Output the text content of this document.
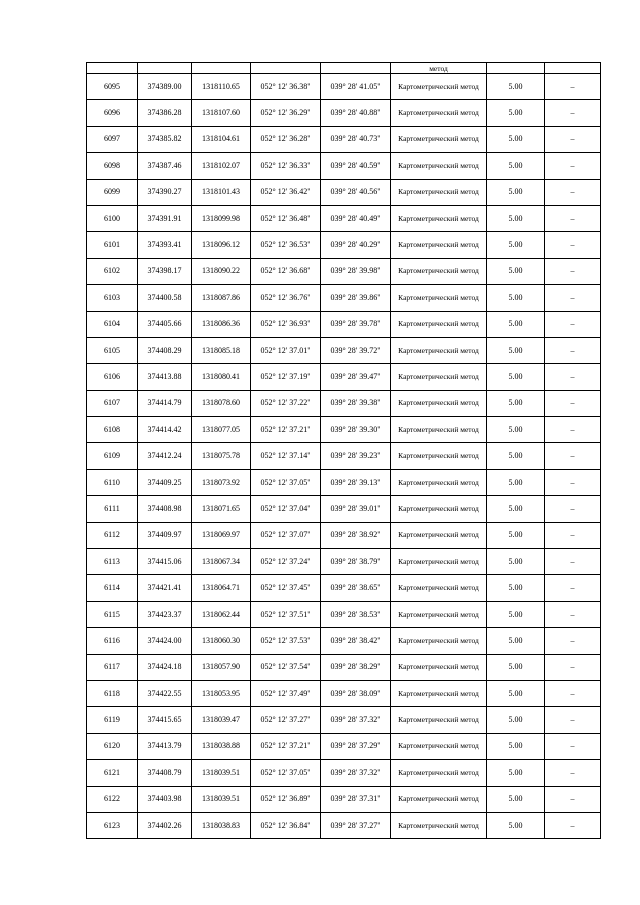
					метод		

6095	374389.00	1318110.65	052° 12' 36.38"	039° 28' 41.05"	Картометрический метод	5.00	–
6096	374386.28	1318107.60	052° 12' 36.29"	039° 28' 40.88"	Картометрический метод	5.00	–
6097	374385.82	1318104.61	052° 12' 36.28"	039° 28' 40.73"	Картометрический метод	5.00	–
6098	374387.46	1318102.07	052° 12' 36.33"	039° 28' 40.59"	Картометрический метод	5.00	–
6099	374390.27	1318101.43	052° 12' 36.42"	039° 28' 40.56"	Картометрический метод	5.00	–
6100	374391.91	1318099.98	052° 12' 36.48"	039° 28' 40.49"	Картометрический метод	5.00	–
6101	374393.41	1318096.12	052° 12' 36.53"	039° 28' 40.29"	Картометрический метод	5.00	–
6102	374398.17	1318090.22	052° 12' 36.68"	039° 28' 39.98"	Картометрический метод	5.00	–
6103	374400.58	1318087.86	052° 12' 36.76"	039° 28' 39.86"	Картометрический метод	5.00	–
6104	374405.66	1318086.36	052° 12' 36.93"	039° 28' 39.78"	Картометрический метод	5.00	–
6105	374408.29	1318085.18	052° 12' 37.01"	039° 28' 39.72"	Картометрический метод	5.00	–
6106	374413.88	1318080.41	052° 12' 37.19"	039° 28' 39.47"	Картометрический метод	5.00	–
6107	374414.79	1318078.60	052° 12' 37.22"	039° 28' 39.38"	Картометрический метод	5.00	–
6108	374414.42	1318077.05	052° 12' 37.21"	039° 28' 39.30"	Картометрический метод	5.00	–
6109	374412.24	1318075.78	052° 12' 37.14"	039° 28' 39.23"	Картометрический метод	5.00	–
6110	374409.25	1318073.92	052° 12' 37.05"	039° 28' 39.13"	Картометрический метод	5.00	–
6111	374408.98	1318071.65	052° 12' 37.04"	039° 28' 39.01"	Картометрический метод	5.00	–
6112	374409.97	1318069.97	052° 12' 37.07"	039° 28' 38.92"	Картометрический метод	5.00	–
6113	374415.06	1318067.34	052° 12' 37.24"	039° 28' 38.79"	Картометрический метод	5.00	–
6114	374421.41	1318064.71	052° 12' 37.45"	039° 28' 38.65"	Картометрический метод	5.00	–
6115	374423.37	1318062.44	052° 12' 37.51"	039° 28' 38.53"	Картометрический метод	5.00	–
6116	374424.00	1318060.30	052° 12' 37.53"	039° 28' 38.42"	Картометрический метод	5.00	–
6117	374424.18	1318057.90	052° 12' 37.54"	039° 28' 38.29"	Картометрический метод	5.00	–
6118	374422.55	1318053.95	052° 12' 37.49"	039° 28' 38.09"	Картометрический метод	5.00	–
6119	374415.65	1318039.47	052° 12' 37.27"	039° 28' 37.32"	Картометрический метод	5.00	–
6120	374413.79	1318038.88	052° 12' 37.21"	039° 28' 37.29"	Картометрический метод	5.00	–
6121	374408.79	1318039.51	052° 12' 37.05"	039° 28' 37.32"	Картометрический метод	5.00	–
6122	374403.98	1318039.51	052° 12' 36.89"	039° 28' 37.31"	Картометрический метод	5.00	–
6123	374402.26	1318038.83	052° 12' 36.84"	039° 28' 37.27"	Картометрический метод	5.00	–
